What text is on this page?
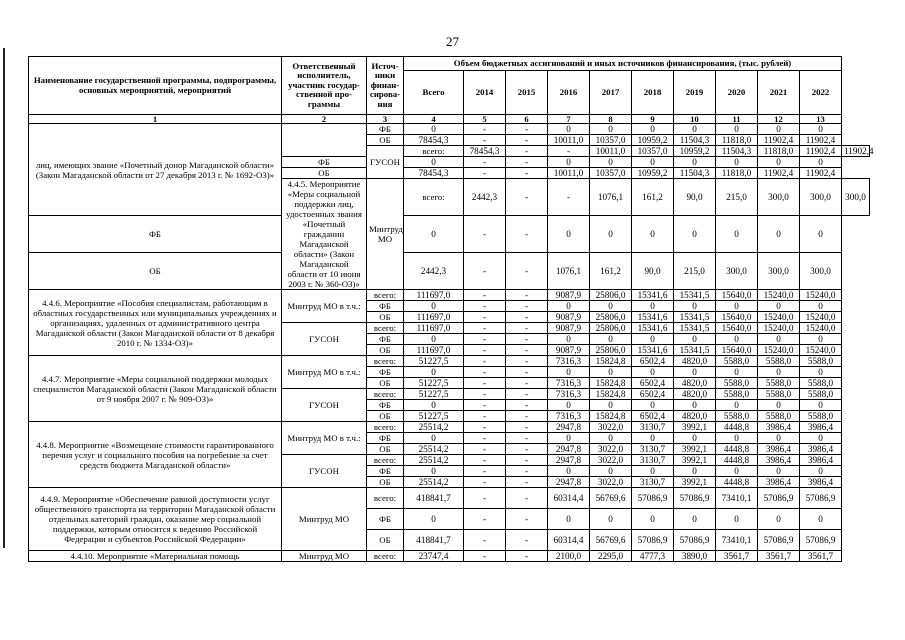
27
Наименование государственной программы, подпрограммы, основных мероприятий, мероприятий	Ответственный исполнитель, участник государ- ственной про- граммы	Источ- ники финан- сирова- ния	Объем бюджетных ассигнований и иных источников финансирования, (тыс. рублей)										
			Всего	2014	2015	2016	2017	2018	2019	2020	2021	2022	
1	2	3	4	5	6	7	8	9	10	11	12	13	
лиц, имеющих звание «Почетный донор Магаданской области» (Закон Магаданской области от 27 декабря 2013 г. № 1692-ОЗ)»		ФБ	0	-	-	0	0	0	0	0	0	0	
		ОБ	78454,3	-	-	10011,0	10357,0	10959,2	11504,3	11818,0	11902,4	11902,4	
		ГУСОН	всего:	78454,3	-	-	10011,0	10357,0	10959,2	11504,3	11818,0	11902,4	11902,4
	ФБ		0	-	-	0	0	0	0	0	0	0	
	ОБ		78454,3	-	-	10011,0	10357,0	10959,2	11504,3	11818,0	11902,4	11902,4	
	4.4.5. Мероприятие «Меры социальной поддержки лиц, удостоенных звания «Почетный гражданин Магаданской области» (Закон Магаданской области от 10 июня 2003 г. № 360-ОЗ)»	Минтруд МО	всего:	2442,3	-	-	1076,1	161,2	90,0	215,0	300,0	300,0	300,0
ФБ			0	-	-	0	0	0	0	0	0	0	
ОБ			2442,3	-	-	1076,1	161,2	90,0	215,0	300,0	300,0	300,0	
4.4.6. Мероприятие «Пособия специалистам, работающим в областных государственных или муниципальных учреждениях и организациях, удаленных от административного центра Магаданской области (Закон Магаданской области от 8 декабря 2010 г. № 1334-ОЗ)»	Минтруд МО в т.ч.:	всего:	111697,0	-	-	9087,9	25806,0	15341,6	15341,5	15640,0	15240,0	15240,0	
		ФБ	0	-	-	0	0	0	0	0	0	0	
		ОБ	111697,0	-	-	9087,9	25806,0	15341,6	15341,5	15640,0	15240,0	15240,0	
	ГУСОН	всего:	111697,0	-	-	9087,9	25806,0	15341,6	15341,5	15640,0	15240,0	15240,0	
		ФБ	0	-	-	0	0	0	0	0	0	0	
		ОБ	111697,0	-	-	9087,9	25806,0	15341,6	15341,5	15640,0	15240,0	15240,0	
4.4.7. Мероприятие «Меры социальной поддержки молодых специалистов Магаданской области (Закон Магаданской области от 9 ноября 2007 г. № 909-ОЗ)»	Минтруд МО в т.ч.:	всего:	51227,5	-	-	7316,3	15824,8	6502,4	4820,0	5588,0	5588,0	5588,0	
		ФБ	0	-	-	0	0	0	0	0	0	0	
		ОБ	51227,5	-	-	7316,3	15824,8	6502,4	4820,0	5588,0	5588,0	5588,0	
	ГУСОН	всего:	51227,5	-	-	7316,3	15824,8	6502,4	4820,0	5588,0	5588,0	5588,0	
		ФБ	0	-	-	0	0	0	0	0	0	0	
		ОБ	51227,5	-	-	7316,3	15824,8	6502,4	4820,0	5588,0	5588,0	5588,0	
4.4.8. Мероприятие «Возмещение стоимости гарантированного перечня услуг и социального пособия на погребение за счет средств бюджета Магаданской области»	Минтруд МО в т.ч.:	всего:	25514,2	-	-	2947,8	3022,0	3130,7	3992,1	4448,8	3986,4	3986,4	
		ФБ	0	-	-	0	0	0	0	0	0	0	
		ОБ	25514,2	-	-	2947,8	3022,0	3130,7	3992,1	4448,8	3986,4	3986,4	
	ГУСОН	всего:	25514,2	-	-	2947,8	3022,0	3130,7	3992,1	4448,8	3986,4	3986,4	
		ФБ	0	-	-	0	0	0	0	0	0	0	
		ОБ	25514,2	-	-	2947,8	3022,0	3130,7	3992,1	4448,8	3986,4	3986,4	
4.4.9. Мероприятие «Обеспечение равной доступности услуг общественного транспорта на территории Магаданской области отдельных категорий граждан, оказание мер социальной поддержки, которым относится к ведению Российской Федерации и субъектов Российской Федерации»	Минтруд МО	всего:	418841,7	-	-	60314,4	56769,6	57086,9	57086,9	73410,1	57086,9	57086,9	
		ФБ	0	-	-	0	0	0	0	0	0	0	
		ОБ	418841,7	-	-	60314,4	56769,6	57086,9	57086,9	73410,1	57086,9	57086,9	
4.4.10. Мероприятие «Материальная помощь	Минтруд МО	всего:	23747,4	-	-	2100,0	2295,0	4777,3	3890,0	3561,7	3561,7	3561,7	
